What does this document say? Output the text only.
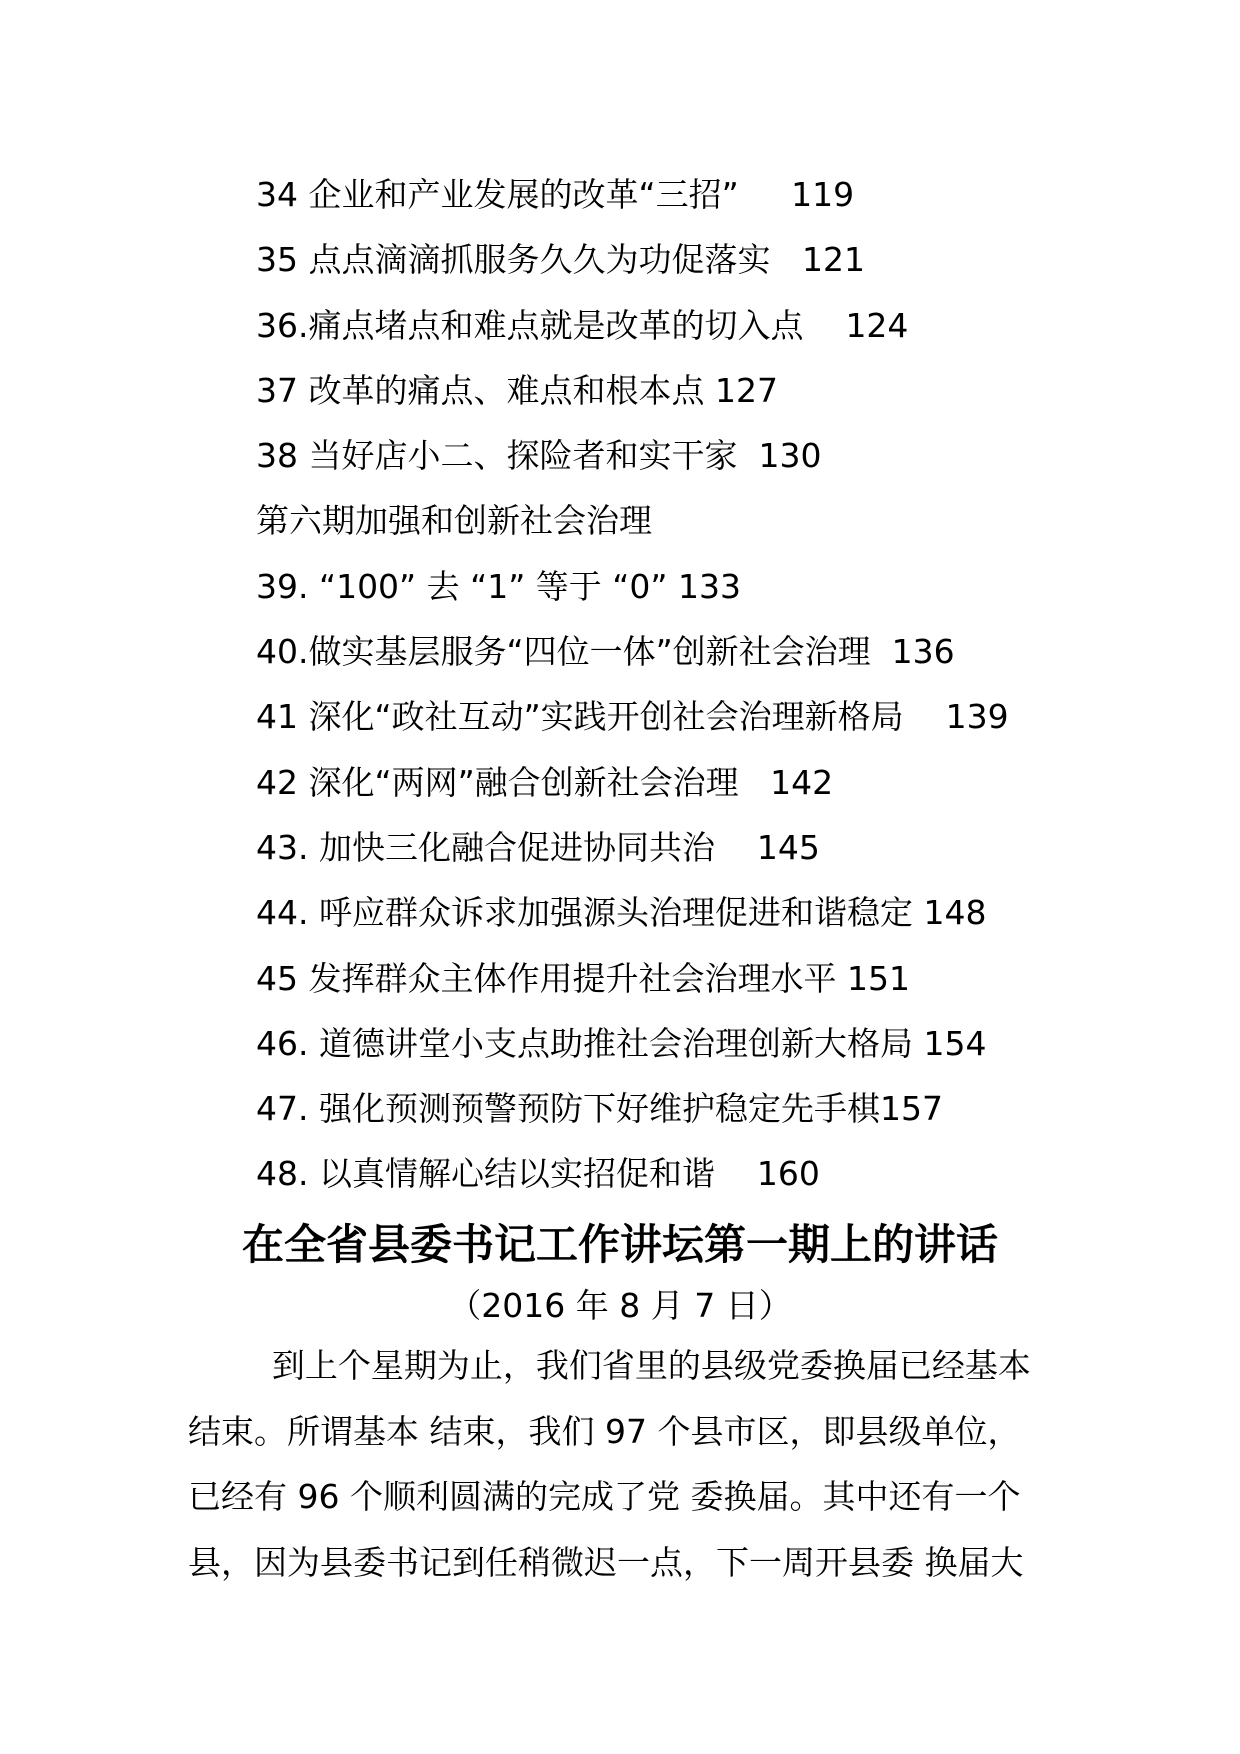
34 企业和产业发展的改革“三招”     119
35 点点滴滴抓服务久久为功促落实   121
36.痛点堵点和难点就是改革的切入点    124
37 改革的痛点、难点和根本点 127
38 当好店小二、探险者和实干家  130
第六期加强和创新社会治理
39. “100” 去 “1” 等于 “0” 133
40.做实基层服务“四位一体”创新社会治理  136
41 深化“政社互动”实践开创社会治理新格局    139
42 深化“两网”融合创新社会治理   142
43. 加快三化融合促进协同共治    145
44. 呼应群众诉求加强源头治理促进和谐稳定 148
45 发挥群众主体作用提升社会治理水平 151
46. 道德讲堂小支点助推社会治理创新大格局 154
47. 强化预测预警预防下好维护稳定先手棋157
48. 以真情解心结以实招促和谐    160
在全省县委书记工作讲坛第一期上的讲话
（2016 年 8 月 7 日）
到上个星期为止，我们省里的县级党委换届已经基本
结束。所谓基本 结束，我们 97 个县市区，即县级单位，
已经有 96 个顺利圆满的完成了党 委换届。其中还有一个
县，因为县委书记到任稍微迟一点，下一周开县委 换届大
